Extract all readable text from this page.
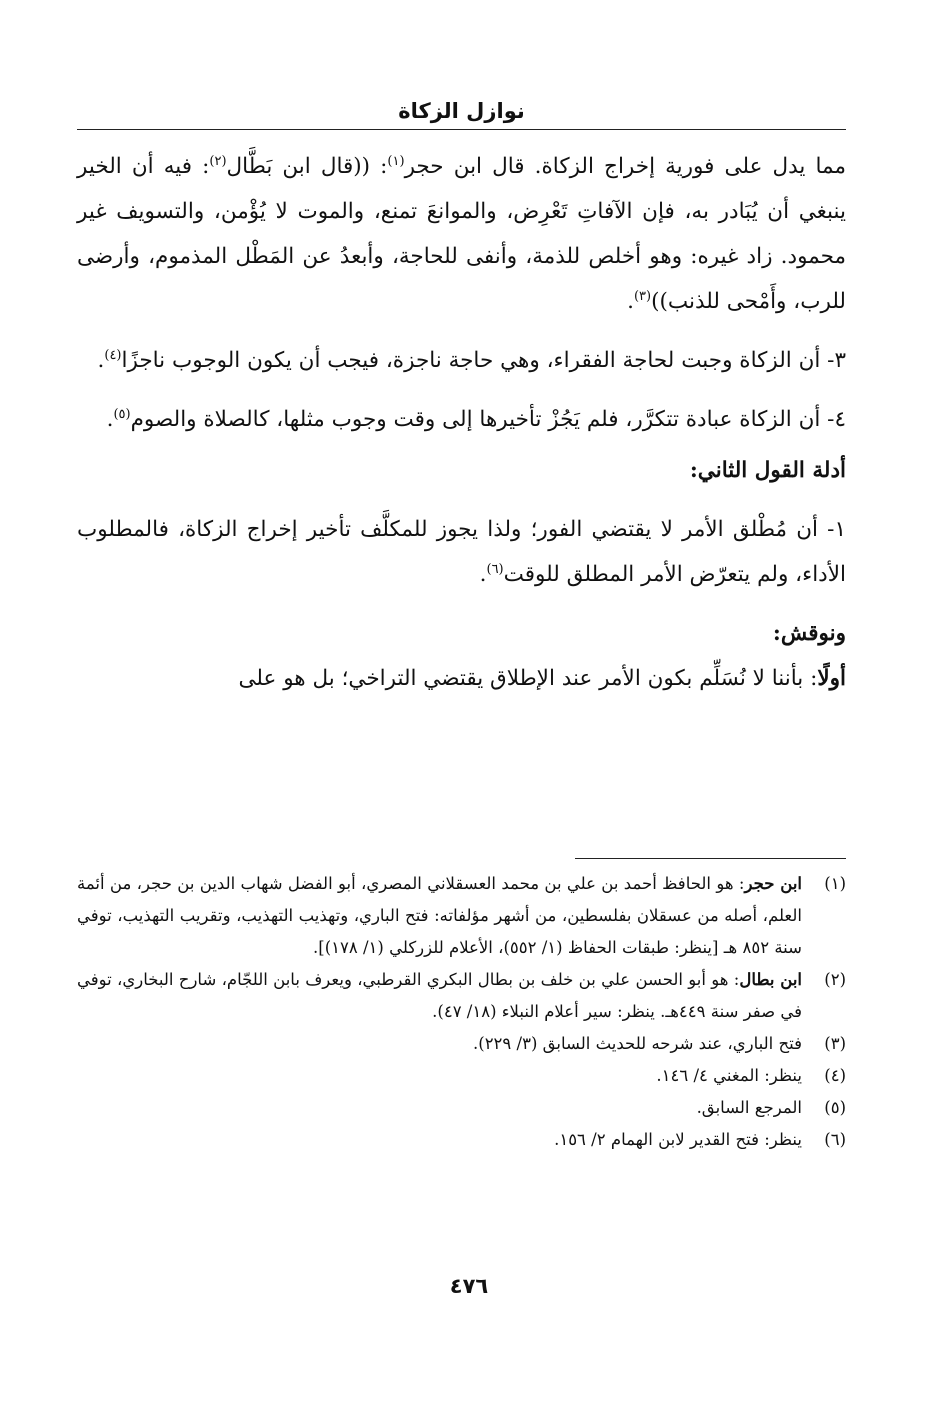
نوازل الزكاة

مما يدل على فورية إخراج الزكاة. قال ابن حجر$^{(١)}$: ((قال ابن بَطَّال$^{(٢)}$: فيه أن الخير ينبغي أن يُبَادر به، فإن الآفاتِ تَعْرِض، والموانعَ تمنع، والموت لا يُؤْمن، والتسويف غير محمود. زاد غيره: وهو أخلص للذمة، وأنفى للحاجة، وأبعدُ عن المَطْل المذموم، وأرضى للرب، وأَمْحى للذنب))$^{(٣)}$.

٣- أن الزكاة وجبت لحاجة الفقراء، وهي حاجة ناجزة، فيجب أن يكون الوجوب ناجزًا$^{(٤)}$.

٤- أن الزكاة عبادة تتكرَّر، فلم يَجُزْ تأخيرها إلى وقت وجوب مثلها، كالصلاة والصوم$^{(٥)}$.

أدلة القول الثاني:

١- أن مُطْلق الأمر لا يقتضي الفور؛ ولذا يجوز للمكلَّف تأخير إخراج الزكاة، فالمطلوب الأداء، ولم يتعرّض الأمر المطلق للوقت$^{(٦)}$.

ونوقش:

أولًا: بأننا لا نُسَلِّم بكون الأمر عند الإطلاق يقتضي التراخي؛ بل هو على

(١)
ابن حجر: هو الحافظ أحمد بن علي بن محمد العسقلاني المصري، أبو الفضل شهاب الدين بن حجر، من أئمة العلم، أصله من عسقلان بفلسطين، من أشهر مؤلفاته: فتح الباري، وتهذيب التهذيب، وتقريب التهذيب، توفي سنة ٨٥٢ هـ [ينظر: طبقات الحفاظ (١/ ٥٥٢)، الأعلام للزركلي (١/ ١٧٨)].
(٢)
ابن بطال: هو أبو الحسن علي بن خلف بن بطال البكري القرطبي، ويعرف بابن اللجّام، شارح البخاري، توفي في صفر سنة ٤٤٩هـ. ينظر: سير أعلام النبلاء (١٨/ ٤٧).
(٣)
فتح الباري، عند شرحه للحديث السابق (٣/ ٢٢٩).
(٤)
ينظر: المغني ٤/ ١٤٦.
(٥)
المرجع السابق.
(٦)
ينظر: فتح القدير لابن الهمام ٢/ ١٥٦.
٤٧٦
